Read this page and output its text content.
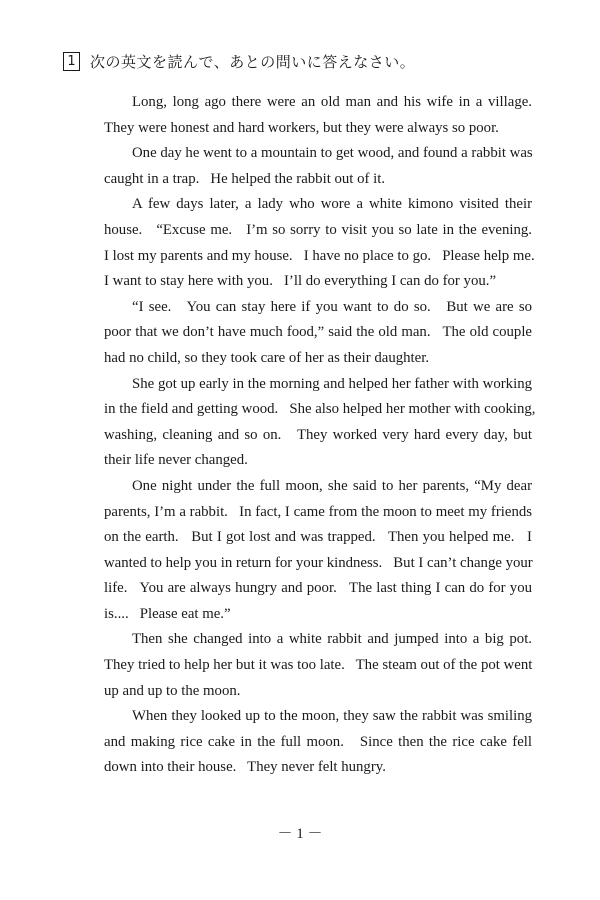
1 次の英文を読んで、あとの問いに答えなさい。
Long, long ago there were an old man and his wife in a village.
They were honest and hard workers, but they were always so poor.
One day he went to a mountain to get wood, and found a rabbit was
caught in a trap.   He helped the rabbit out of it.
A few days later, a lady who wore a white kimono visited their
house.   “Excuse me.   I’m so sorry to visit you so late in the evening.
I lost my parents and my house.   I have no place to go.   Please help me.
I want to stay here with you.   I’ll do everything I can do for you.”
“I see.   You can stay here if you want to do so.   But we are so
poor that we don’t have much food,” said the old man.   The old couple
had no child, so they took care of her as their daughter.
She got up early in the morning and helped her father with working
in the field and getting wood.   She also helped her mother with cooking,
washing, cleaning and so on.   They worked very hard every day, but
their life never changed.
One night under the full moon, she said to her parents, “My dear
parents, I’m a rabbit.   In fact, I came from the moon to meet my friends
on the earth.   But I got lost and was trapped.   Then you helped me.   I
wanted to help you in return for your kindness.   But I can’t change your
life.   You are always hungry and poor.   The last thing I can do for you
is....   Please eat me.”
Then she changed into a white rabbit and jumped into a big pot.
They tried to help her but it was too late.   The steam out of the pot went
up and up to the moon.
When they looked up to the moon, they saw the rabbit was smiling
and making rice cake in the full moon.   Since then the rice cake fell
down into their house.   They never felt hungry.
－ 1 －
